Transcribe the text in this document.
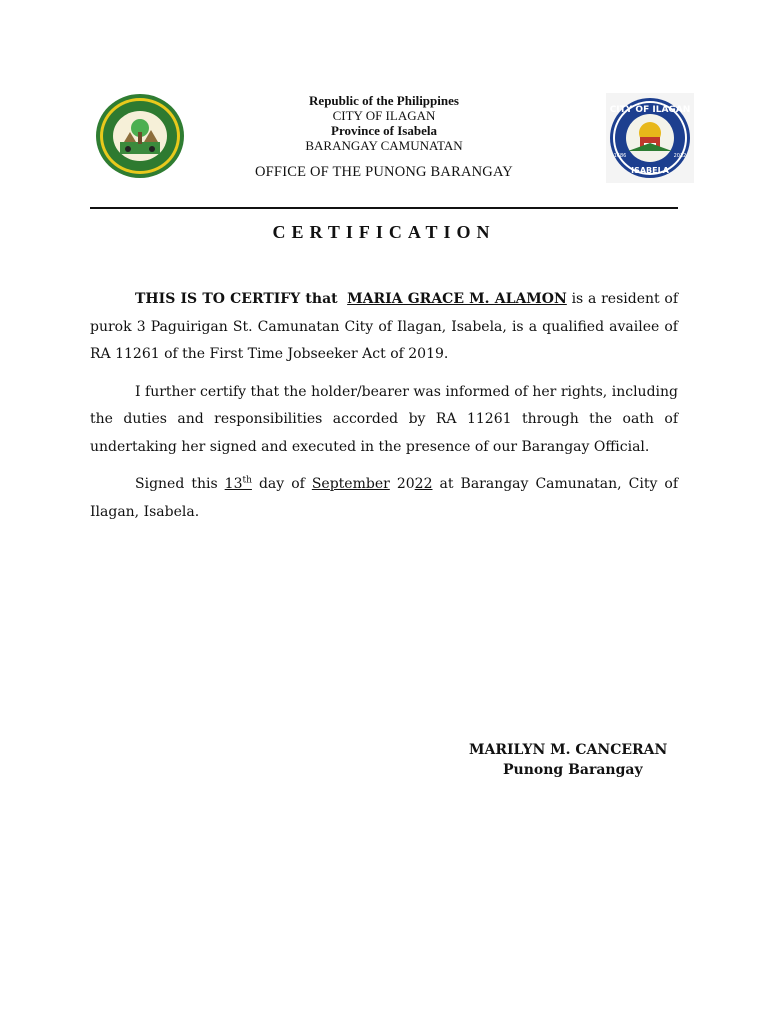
Republic of the Philippines
CITY OF ILAGAN
Province of Isabela
BARANGAY CAMUNATAN
OFFICE OF THE PUNONG BARANGAY
CITY OF ILAGAN
ISABELA
1686	2012
CERTIFICATION

THIS IS TO CERTIFY that MARIA GRACE M. ALAMON is a resident of purok 3 Paguirigan St. Camunatan City of Ilagan, Isabela, is a qualified availee of RA 11261 of the First Time Jobseeker Act of 2019.

I further certify that the holder/bearer was informed of her rights, including the duties and responsibilities accorded by RA 11261 through the oath of undertaking her signed and executed in the presence of our Barangay Official.

Signed this 13th day of September 2022 at Barangay Camunatan, City of Ilagan, Isabela.

MARILYN M. CANCERAN
Punong Barangay
